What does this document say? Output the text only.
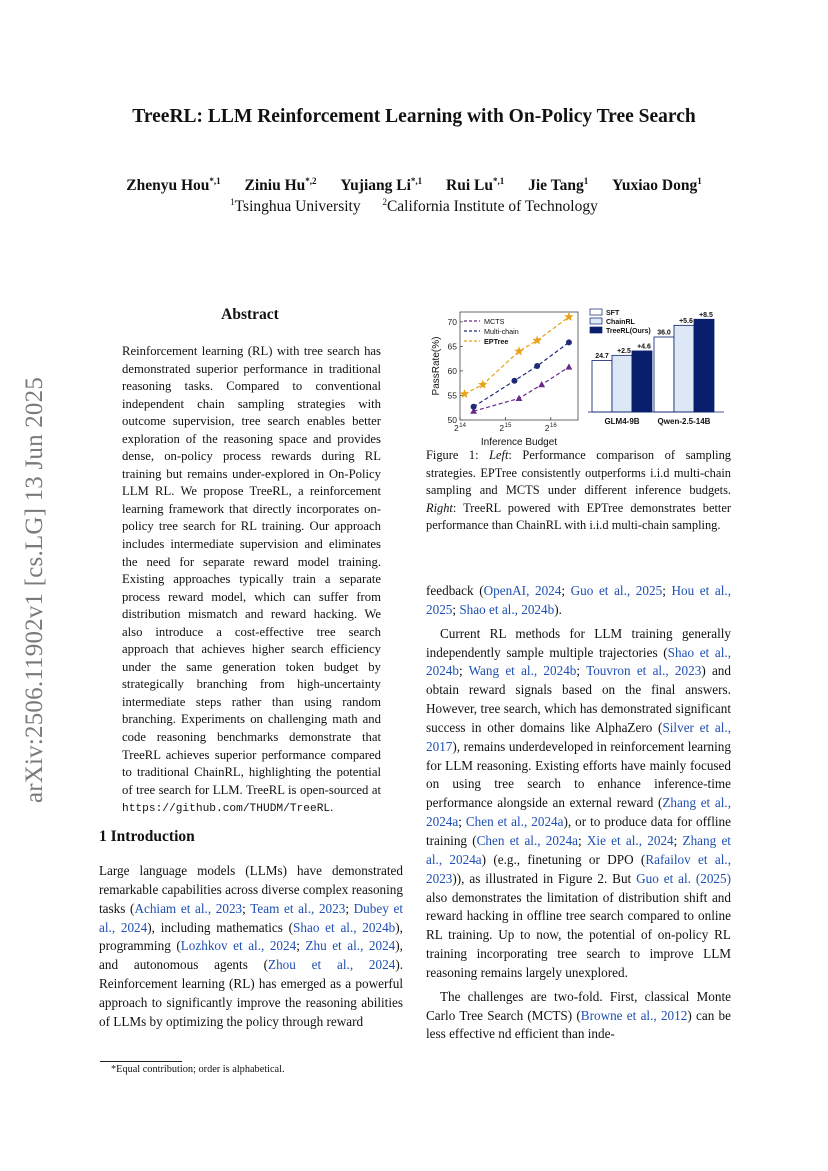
arXiv:2506.11902v1 [cs.LG] 13 Jun 2025
TreeRL: LLM Reinforcement Learning with On-Policy Tree Search
Zhenyu Hou$^{*,1}$ Ziniu $Hu^{*,2}$ Yujiang $Li^{*,1}$ Rui $Lu^{*,1}$ Jie Tang$^1$ Yuxiao Dong$^1$
$^1$Tsinghua University $^2$California Institute of Technology
Abstract
Reinforcement learning (RL) with tree search has demonstrated superior performance in traditional reasoning tasks. Compared to conventional independent chain sampling strategies with outcome supervision, tree search enables better exploration of the reasoning space and provides dense, on-policy process rewards during RL training but remains under-explored in On-Policy LLM RL. We propose TreeRL, a reinforcement learning framework that directly incorporates on-policy tree search for RL training. Our approach includes intermediate supervision and eliminates the need for separate reward model training. Existing approaches typically train a separate process reward model, which can suffer from distribution mismatch and reward hacking. We also introduce a cost-effective tree search approach that achieves higher search efficiency under the same generation token budget by strategically branching from high-uncertainty intermediate steps rather than using random branching. Experiments on challenging math and code reasoning benchmarks demonstrate that TreeRL achieves superior performance compared to traditional ChainRL, highlighting the potential of tree search for LLM. TreeRL is open-sourced at https://github.com/THUDM/TreeRL.
1 Introduction
Large language models (LLMs) have demonstrated remarkable capabilities across diverse complex reasoning tasks (Achiam et al., 2023; Team et al., 2023; Dubey et al., 2024), including mathematics (Shao et al., 2024b), programming (Lozhkov et al., 2024; Zhu et al., 2024), and autonomous agents (Zhou et al., 2024). Reinforcement learning (RL) has emerged as a powerful approach to significantly improve the reasoning abilities of LLMs by optimizing the policy through reward
*Equal contribution; order is alphabetical.
50
55
60
65
70
$2^{14}$	$2^{15}$	$2^{16}$
Inference Budget
PassRate(%)
MCTS
Multi-chain
EPTree
SFT
ChainRL
TreeRL(Ours)
24.7
+2.5
+4.6
GLM4-9B
36.0
+5.6
+8.5
Qwen-2.5-14B
Figure 1: Left: Performance comparison of sampling strategies. EPTree consistently outperforms i.i.d multi-chain sampling and MCTS under different inference budgets. Right: TreeRL powered with EPTree demonstrates better performance than ChainRL with i.i.d multi-chain sampling.

feedback (OpenAI, 2024; Guo et al., 2025; Hou et al., 2025; Shao et al., 2024b).

Current RL methods for LLM training generally independently sample multiple trajectories (Shao et al., 2024b; Wang et al., 2024b; Touvron et al., 2023) and obtain reward signals based on the final answers. However, tree search, which has demonstrated significant success in other domains like AlphaZero (Silver et al., 2017), remains underdeveloped in reinforcement learning for LLM reasoning. Existing efforts have mainly focused on using tree search to enhance inference-time performance alongside an external reward (Zhang et al., 2024a; Chen et al., 2024a), or to produce data for offline training (Chen et al., 2024a; Xie et al., 2024; Zhang et al., 2024a) (e.g., finetuning or DPO (Rafailov et al., 2023)), as illustrated in Figure 2. But Guo et al. (2025) also demonstrates the limitation of distribution shift and reward hacking in offline tree search compared to online RL training. Up to now, the potential of on-policy RL training incorporating tree search to improve LLM reasoning remains largely unexplored.

The challenges are two-fold. First, classical Monte Carlo Tree Search (MCTS) (Browne et al., 2012) can be less effective nd efficient than inde-
